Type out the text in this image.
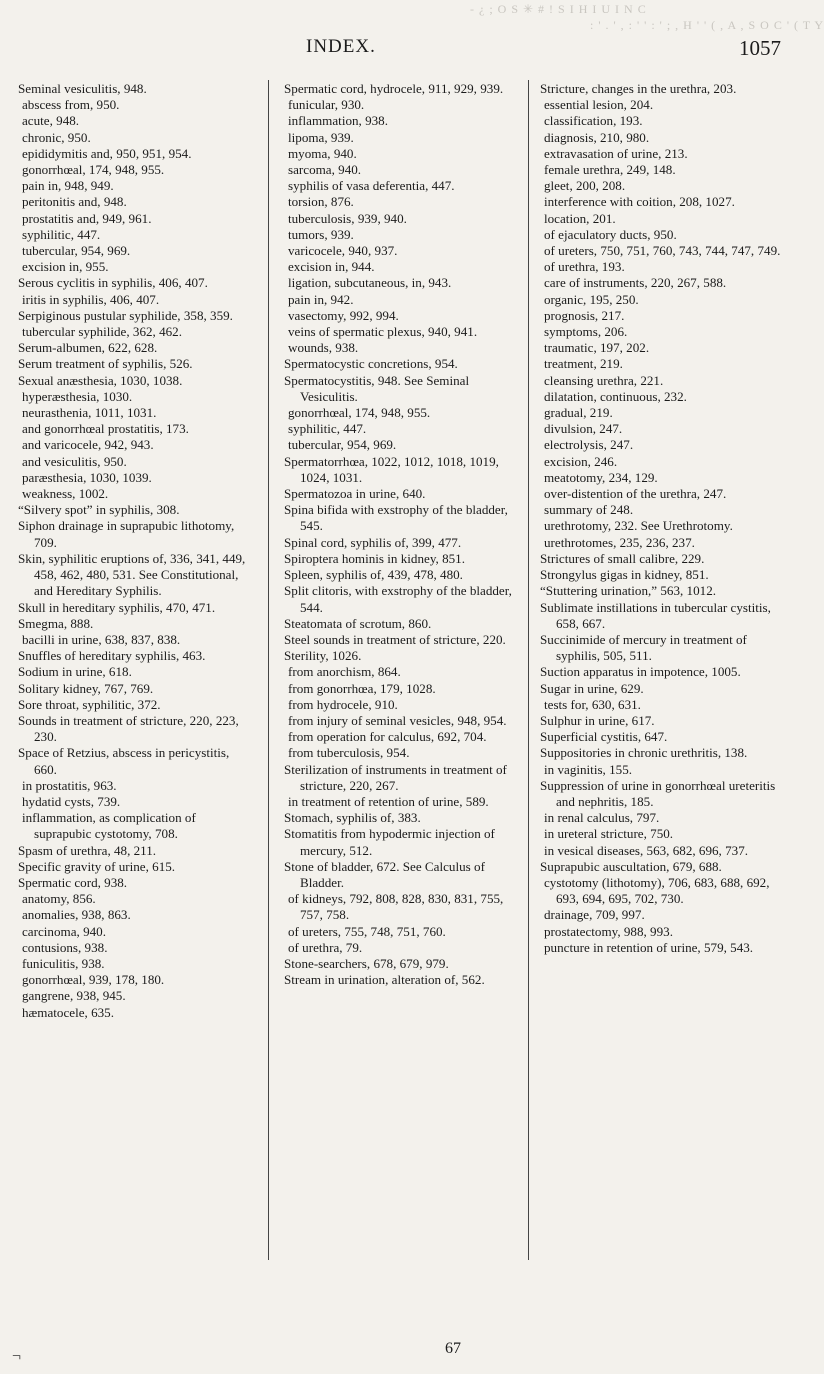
- ¿ ; O S ✳ # ! S I H I U I N C
: ' . ' , : ' ' : ' ; , H ' ' ( , A , S O C ' ( T Y
INDEX.	1057

Seminal vesiculitis, 948.

abscess from, 950.

acute, 948.

chronic, 950.

epididymitis and, 950, 951, 954.

gonorrhœal, 174, 948, 955.

pain in, 948, 949.

peritonitis and, 948.

prostatitis and, 949, 961.

syphilitic, 447.

tubercular, 954, 969.

excision in, 955.

Serous cyclitis in syphilis, 406, 407.

iritis in syphilis, 406, 407.

Serpiginous pustular syphilide, 358, 359.

tubercular syphilide, 362, 462.

Serum-albumen, 622, 628.

Serum treatment of syphilis, 526.

Sexual anæsthesia, 1030, 1038.

hyperæsthesia, 1030.

neurasthenia, 1011, 1031.

and gonorrhœal prostatitis, 173.

and varicocele, 942, 943.

and vesiculitis, 950.

paræsthesia, 1030, 1039.

weakness, 1002.

“Silvery spot” in syphilis, 308.

Siphon drainage in suprapubic lithotomy, 709.

Skin, syphilitic eruptions of, 336, 341, 449, 458, 462, 480, 531. See Constitutional, and Hereditary Syphilis.

Skull in hereditary syphilis, 470, 471.

Smegma, 888.

bacilli in urine, 638, 837, 838.

Snuffles of hereditary syphilis, 463.

Sodium in urine, 618.

Solitary kidney, 767, 769.

Sore throat, syphilitic, 372.

Sounds in treatment of stricture, 220, 223, 230.

Space of Retzius, abscess in pericystitis, 660.

in prostatitis, 963.

hydatid cysts, 739.

inflammation, as complication of suprapubic cystotomy, 708.

Spasm of urethra, 48, 211.

Specific gravity of urine, 615.

Spermatic cord, 938.

anatomy, 856.

anomalies, 938, 863.

carcinoma, 940.

contusions, 938.

funiculitis, 938.

gonorrhœal, 939, 178, 180.

gangrene, 938, 945.

hæmatocele, 635.

Spermatic cord, hydrocele, 911, 929, 939.

funicular, 930.

inflammation, 938.

lipoma, 939.

myoma, 940.

sarcoma, 940.

syphilis of vasa deferentia, 447.

torsion, 876.

tuberculosis, 939, 940.

tumors, 939.

varicocele, 940, 937.

excision in, 944.

ligation, subcutaneous, in, 943.

pain in, 942.

vasectomy, 992, 994.

veins of spermatic plexus, 940, 941.

wounds, 938.

Spermatocystic concretions, 954.

Spermatocystitis, 948. See Seminal Vesiculitis.

gonorrhœal, 174, 948, 955.

syphilitic, 447.

tubercular, 954, 969.

Spermatorrhœa, 1022, 1012, 1018, 1019, 1024, 1031.

Spermatozoa in urine, 640.

Spina bifida with exstrophy of the bladder, 545.

Spinal cord, syphilis of, 399, 477.

Spiroptera hominis in kidney, 851.

Spleen, syphilis of, 439, 478, 480.

Split clitoris, with exstrophy of the bladder, 544.

Steatomata of scrotum, 860.

Steel sounds in treatment of stricture, 220.

Sterility, 1026.

from anorchism, 864.

from gonorrhœa, 179, 1028.

from hydrocele, 910.

from injury of seminal vesicles, 948, 954.

from operation for calculus, 692, 704.

from tuberculosis, 954.

Sterilization of instruments in treatment of stricture, 220, 267.

in treatment of retention of urine, 589.

Stomach, syphilis of, 383.

Stomatitis from hypodermic injection of mercury, 512.

Stone of bladder, 672. See Calculus of Bladder.

of kidneys, 792, 808, 828, 830, 831, 755, 757, 758.

of ureters, 755, 748, 751, 760.

of urethra, 79.

Stone-searchers, 678, 679, 979.

Stream in urination, alteration of, 562.

Stricture, changes in the urethra, 203.

essential lesion, 204.

classification, 193.

diagnosis, 210, 980.

extravasation of urine, 213.

female urethra, 249, 148.

gleet, 200, 208.

interference with coition, 208, 1027.

location, 201.

of ejaculatory ducts, 950.

of ureters, 750, 751, 760, 743, 744, 747, 749.

of urethra, 193.

care of instruments, 220, 267, 588.

organic, 195, 250.

prognosis, 217.

symptoms, 206.

traumatic, 197, 202.

treatment, 219.

cleansing urethra, 221.

dilatation, continuous, 232.

gradual, 219.

divulsion, 247.

electrolysis, 247.

excision, 246.

meatotomy, 234, 129.

over-distention of the urethra, 247.

summary of 248.

urethrotomy, 232. See Urethrotomy.

urethrotomes, 235, 236, 237.

Strictures of small calibre, 229.

Strongylus gigas in kidney, 851.

“Stuttering urination,” 563, 1012.

Sublimate instillations in tubercular cystitis, 658, 667.

Succinimide of mercury in treatment of syphilis, 505, 511.

Suction apparatus in impotence, 1005.

Sugar in urine, 629.

tests for, 630, 631.

Sulphur in urine, 617.

Superficial cystitis, 647.

Suppositories in chronic urethritis, 138.

in vaginitis, 155.

Suppression of urine in gonorrhœal ureteritis and nephritis, 185.

in renal calculus, 797.

in ureteral stricture, 750.

in vesical diseases, 563, 682, 696, 737.

Suprapubic auscultation, 679, 688.

cystotomy (lithotomy), 706, 683, 688, 692, 693, 694, 695, 702, 730.

drainage, 709, 997.

prostatectomy, 988, 993.

puncture in retention of urine, 579, 543.

67
¬
